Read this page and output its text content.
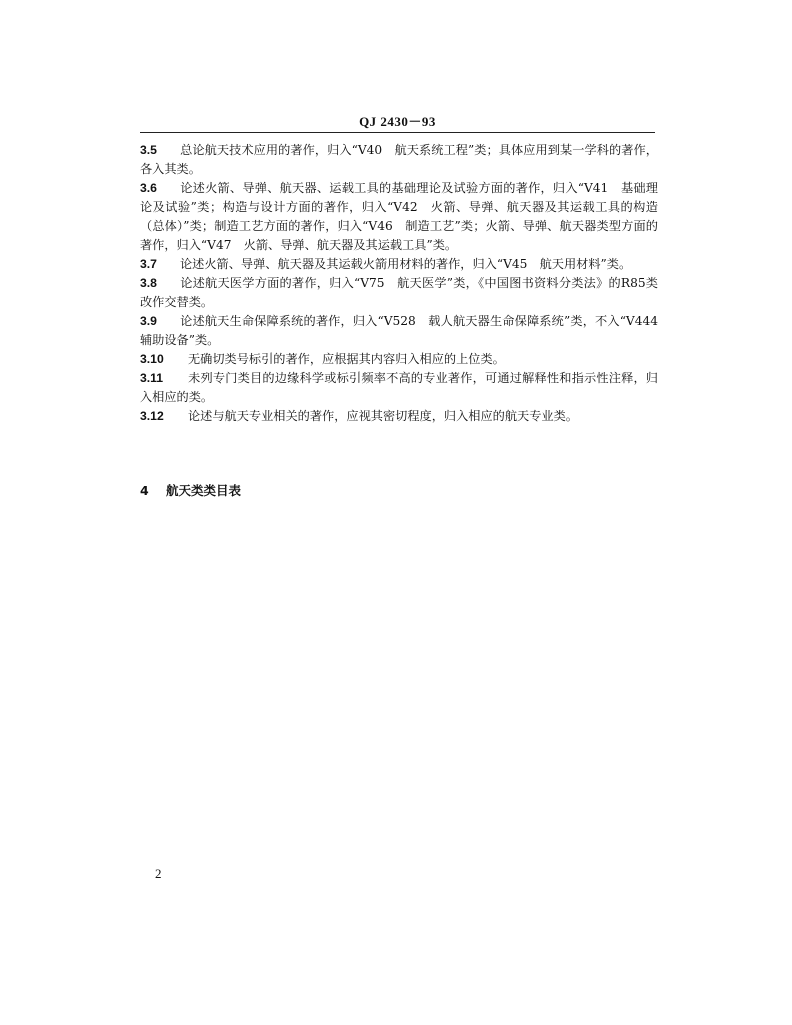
QJ 2430－93

3.5 总论航天技术应用的著作，归入“V40　航天系统工程”类；具体应用到某一学科的著作，各入其类。

3.6 论述火箭、导弹、航天器、运载工具的基础理论及试验方面的著作，归入“V41　基础理论及试验”类；构造与设计方面的著作，归入“V42　火箭、导弹、航天器及其运载工具的构造（总体）”类；制造工艺方面的著作，归入“V46　制造工艺”类；火箭、导弹、航天器类型方面的著作，归入“V47　火箭、导弹、航天器及其运载工具”类。

3.7 论述火箭、导弹、航天器及其运载火箭用材料的著作，归入“V45　航天用材料”类。

3.8 论述航天医学方面的著作，归入“V75　航天医学”类，《中国图书资料分类法》的R85类改作交替类。

3.9 论述航天生命保障系统的著作，归入“V528　载人航天器生命保障系统”类，不入“V444　辅助设备”类。

3.10 无确切类号标引的著作，应根据其内容归入相应的上位类。

3.11 未列专门类目的边缘科学或标引频率不高的专业著作，可通过解释性和指示性注释，归入相应的类。

3.12 论述与航天专业相关的著作，应视其密切程度，归入相应的航天专业类。

4 航天类类目表
2
